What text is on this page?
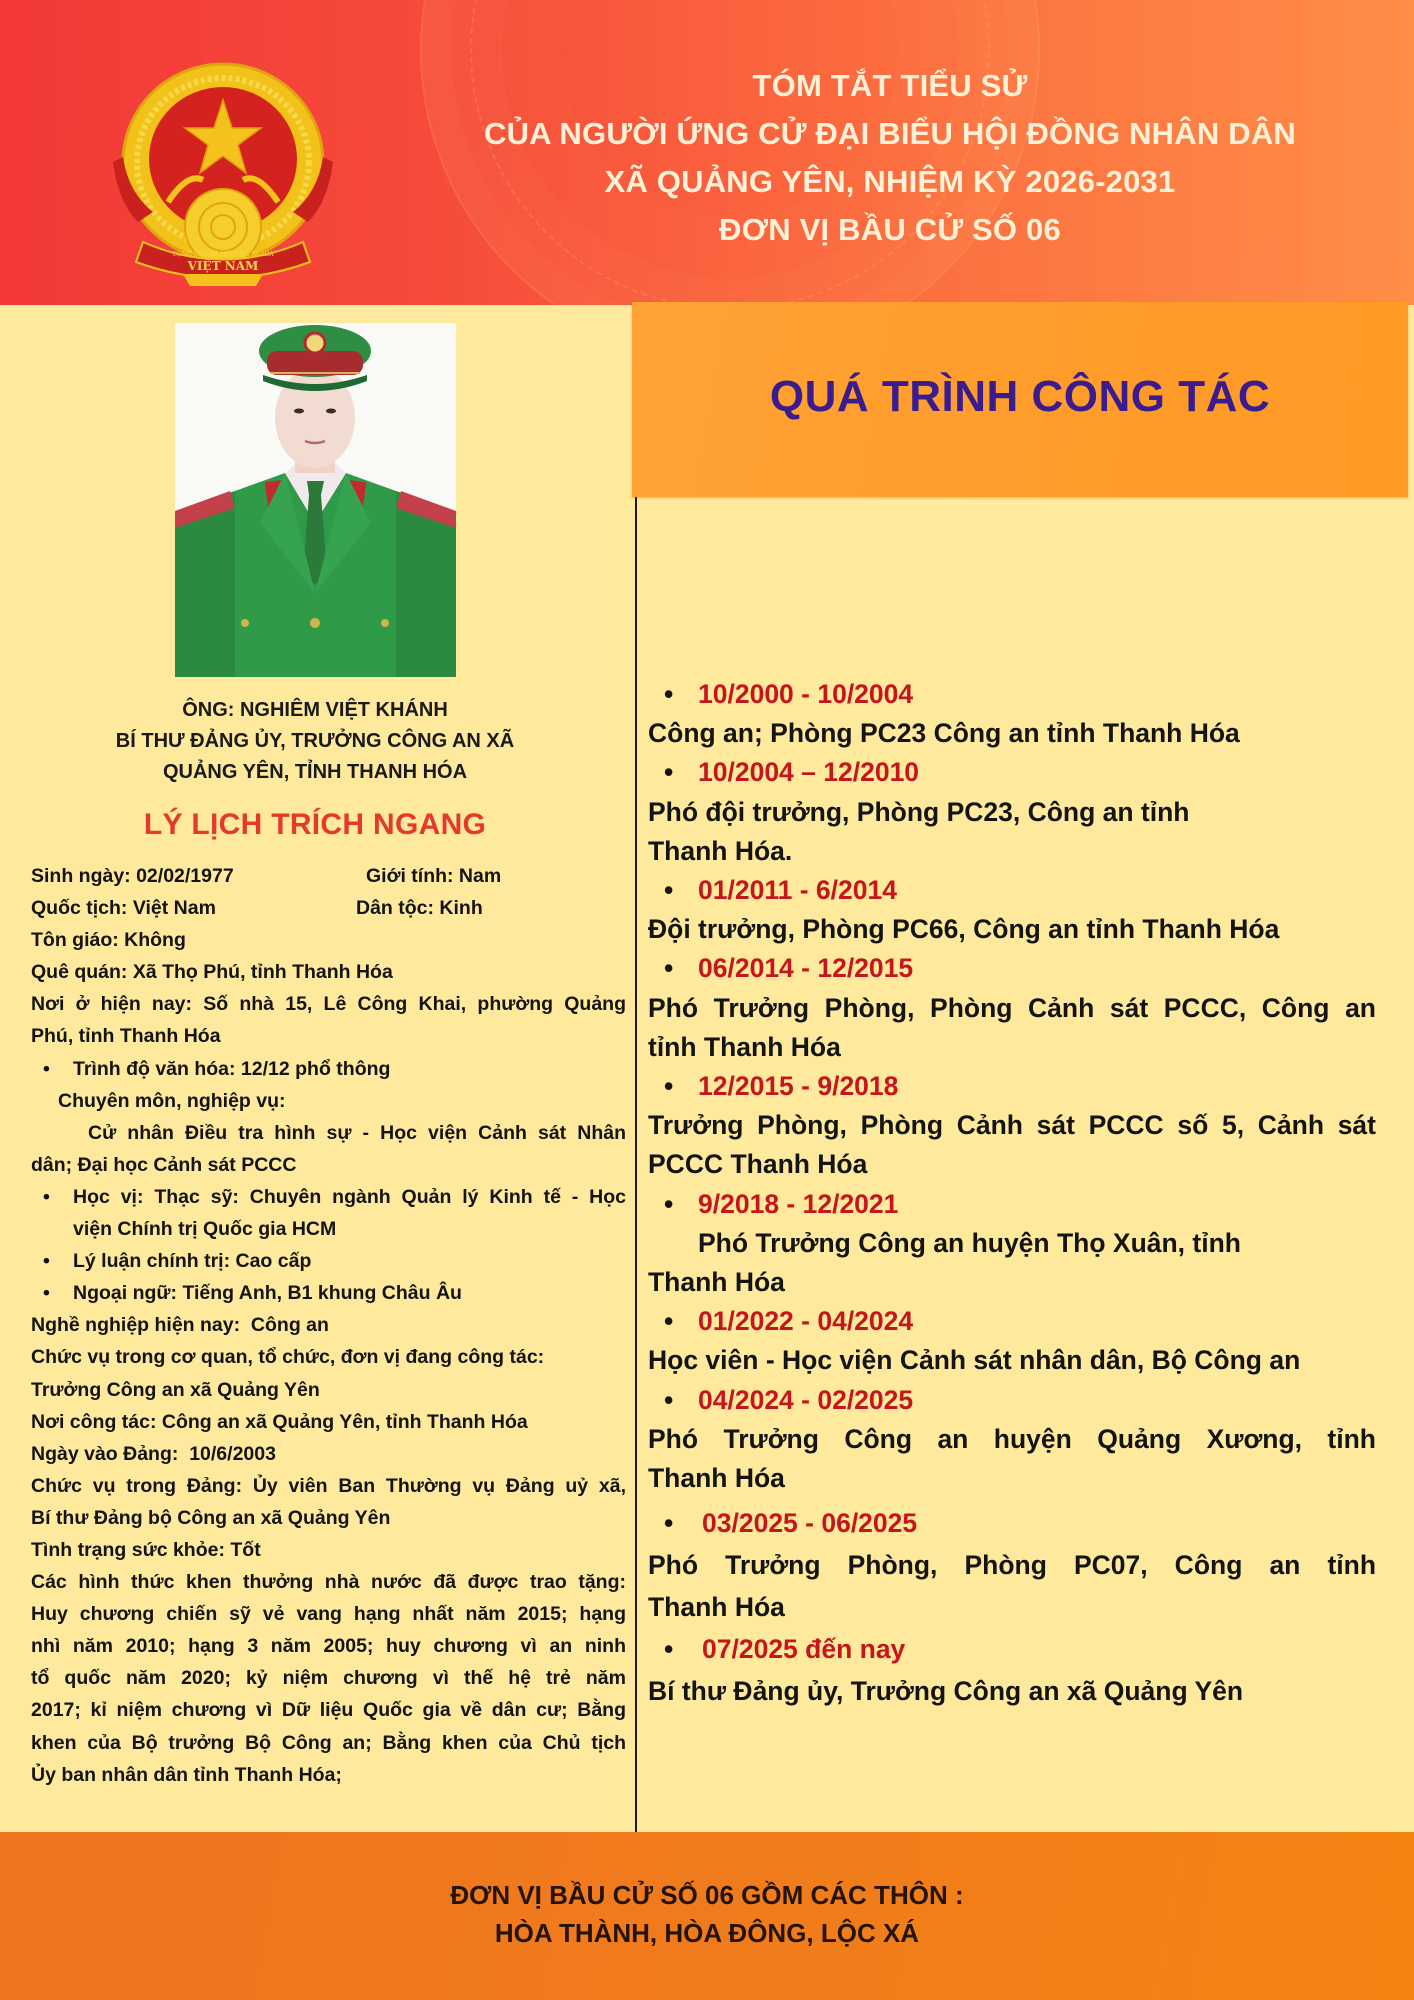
CỘNG HÒA XÃ HỘI CHỦ NGHĨA
VIỆT NAM
TÓM TẮT TIỂU SỬ
CỦA NGƯỜI ỨNG CỬ ĐẠI BIỂU HỘI ĐỒNG NHÂN DÂN
XÃ QUẢNG YÊN, NHIỆM KỲ 2026-2031
ĐƠN VỊ BẦU CỬ SỐ 06
ÔNG: NGHIÊM VIỆT KHÁNH
BÍ THƯ ĐẢNG ỦY, TRƯỞNG CÔNG AN XÃ
QUẢNG YÊN, TỈNH THANH HÓA
LÝ LỊCH TRÍCH NGANG
Sinh ngày: 02/02/1977	Giới tính: Nam
Quốc tịch: Việt Nam	Dân tộc: Kinh
Tôn giáo: Không
Quê quán: Xã Thọ Phú, tỉnh Thanh Hóa
Nơi ở hiện nay: Số nhà 15, Lê Công Khai, phường Quảng
Phú, tỉnh Thanh Hóa
• Trình độ văn hóa: 12/12 phổ thông
Chuyên môn, nghiệp vụ:
Cử nhân Điều tra hình sự - Học viện Cảnh sát Nhân
dân; Đại học Cảnh sát PCCC
• Học vị: Thạc sỹ: Chuyên ngành Quản lý Kinh tế - Học
viện Chính trị Quốc gia HCM
• Lý luận chính trị: Cao cấp
• Ngoại ngữ: Tiếng Anh, B1 khung Châu Âu
Nghề nghiệp hiện nay:  Công an
Chức vụ trong cơ quan, tổ chức, đơn vị đang công tác:
Trưởng Công an xã Quảng Yên
Nơi công tác: Công an xã Quảng Yên, tỉnh Thanh Hóa
Ngày vào Đảng:  10/6/2003
Chức vụ trong Đảng: Ủy viên Ban Thường vụ Đảng uỷ xã,
Bí thư Đảng bộ Công an xã Quảng Yên
Tình trạng sức khỏe: Tốt
Các hình thức khen thưởng nhà nước đã được trao tặng:
Huy chương chiến sỹ vẻ vang hạng nhất năm 2015; hạng
nhì năm 2010; hạng 3 năm 2005; huy chương vì an ninh
tổ quốc năm 2020; kỷ niệm chương vì thế hệ trẻ năm
2017; kỉ niệm chương vì Dữ liệu Quốc gia về dân cư; Bằng
khen của Bộ trưởng Bộ Công an; Bằng khen của Chủ tịch
Ủy ban nhân dân tỉnh Thanh Hóa;
QUÁ TRÌNH CÔNG TÁC
• 10/2000 - 10/2004
Công an; Phòng PC23 Công an tỉnh Thanh Hóa
• 10/2004 – 12/2010
Phó đội trưởng, Phòng PC23, Công an tỉnh
Thanh Hóa.
• 01/2011 - 6/2014
Đội trưởng, Phòng PC66, Công an tỉnh Thanh Hóa
• 06/2014 - 12/2015
Phó Trưởng Phòng, Phòng Cảnh sát PCCC, Công an
tỉnh Thanh Hóa
• 12/2015 - 9/2018
Trưởng Phòng, Phòng Cảnh sát PCCC số 5, Cảnh sát
PCCC Thanh Hóa
• 9/2018 - 12/2021
Phó Trưởng Công an huyện Thọ Xuân, tỉnh
Thanh Hóa
• 01/2022 - 04/2024
Học viên - Học viện Cảnh sát nhân dân, Bộ Công an
• 04/2024 - 02/2025
Phó Trưởng Công an huyện Quảng Xương, tỉnh
Thanh Hóa
• 03/2025 - 06/2025
Phó Trưởng Phòng, Phòng PC07, Công an tỉnh
Thanh Hóa
• 07/2025 đến nay
Bí thư Đảng ủy, Trưởng Công an xã Quảng Yên
ĐƠN VỊ BẦU CỬ SỐ 06 GỒM CÁC THÔN :
HÒA THÀNH, HÒA ĐÔNG, LỘC XÁ
